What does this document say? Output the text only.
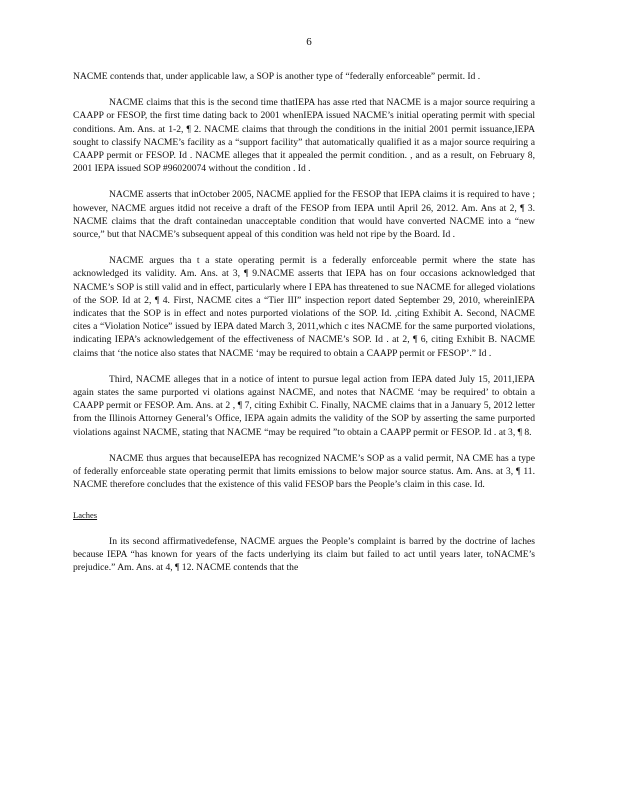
6

NACME contends that, under applicable law, a SOP is another type of “federally enforceable” permit. Id .

NACME claims that this is the second time thatIEPA has asse rted that NACME is a major source requiring a CAAPP or FESOP, the first time dating back to 2001 whenIEPA issued NACME’s initial operating permit with special conditions. Am. Ans. at 1-2, ¶ 2. NACME claims that through the conditions in the initial 2001 permit issuance,IEPA sought to classify NACME’s facility as a “support facility” that automatically qualified it as a major source requiring a CAAPP permit or FESOP. Id . NACME alleges that it appealed the permit condition. , and as a result, on February 8, 2001 IEPA issued SOP #96020074 without the condition . Id .

NACME asserts that inOctober 2005, NACME applied for the FESOP that IEPA claims it is required to have ; however, NACME argues itdid not receive a draft of the FESOP from IEPA until April 26, 2012. Am. Ans at 2, ¶ 3. NACME claims that the draft containedan unacceptable condition that would have converted NACME into a “new source,” but that NACME’s subsequent appeal of this condition was held not ripe by the Board. Id .

NACME argues tha t a state operating permit is a federally enforceable permit where the state has acknowledged its validity. Am. Ans. at 3, ¶ 9.NACME asserts that IEPA has on four occasions acknowledged that NACME’s SOP is still valid and in effect, particularly where I EPA has threatened to sue NACME for alleged violations of the SOP. Id at 2, ¶ 4. First, NACME cites a “Tier III” inspection report dated September 29, 2010, whereinIEPA indicates that the SOP is in effect and notes purported violations of the SOP. Id. ,citing Exhibit A. Second, NACME cites a “Violation Notice” issued by IEPA dated March 3, 2011,which c ites NACME for the same purported violations, indicating IEPA’s acknowledgement of the effectiveness of NACME’s SOP. Id . at 2, ¶ 6, citing Exhibit B. NACME claims that ‘the notice also states that NACME ‘may be required to obtain a CAAPP permit or FESOP’.” Id .

Third, NACME alleges that in a notice of intent to pursue legal action from IEPA dated July 15, 2011,IEPA again states the same purported vi olations against NACME, and notes that NACME ‘may be required’ to obtain a CAAPP permit or FESOP. Am. Ans. at 2 , ¶ 7, citing Exhibit C. Finally, NACME claims that in a January 5, 2012 letter from the Illinois Attorney General’s Office, IEPA again admits the validity of the SOP by asserting the same purported violations against NACME, stating that NACME “may be required ”to obtain a CAAPP permit or FESOP. Id . at 3, ¶ 8.

NACME thus argues that becauseIEPA has recognized NACME’s SOP as a valid permit, NA CME has a type of federally enforceable state operating permit that limits emissions to below major source status. Am. Ans. at 3, ¶ 11. NACME therefore concludes that the existence of this valid FESOP bars the People’s claim in this case. Id.

Laches

In its second affirmativedefense, NACME argues the People’s complaint is barred by the doctrine of laches because IEPA “has known for years of the facts underlying its claim but failed to act until years later, toNACME’s prejudice.” Am. Ans. at 4, ¶ 12. NACME contends that the
